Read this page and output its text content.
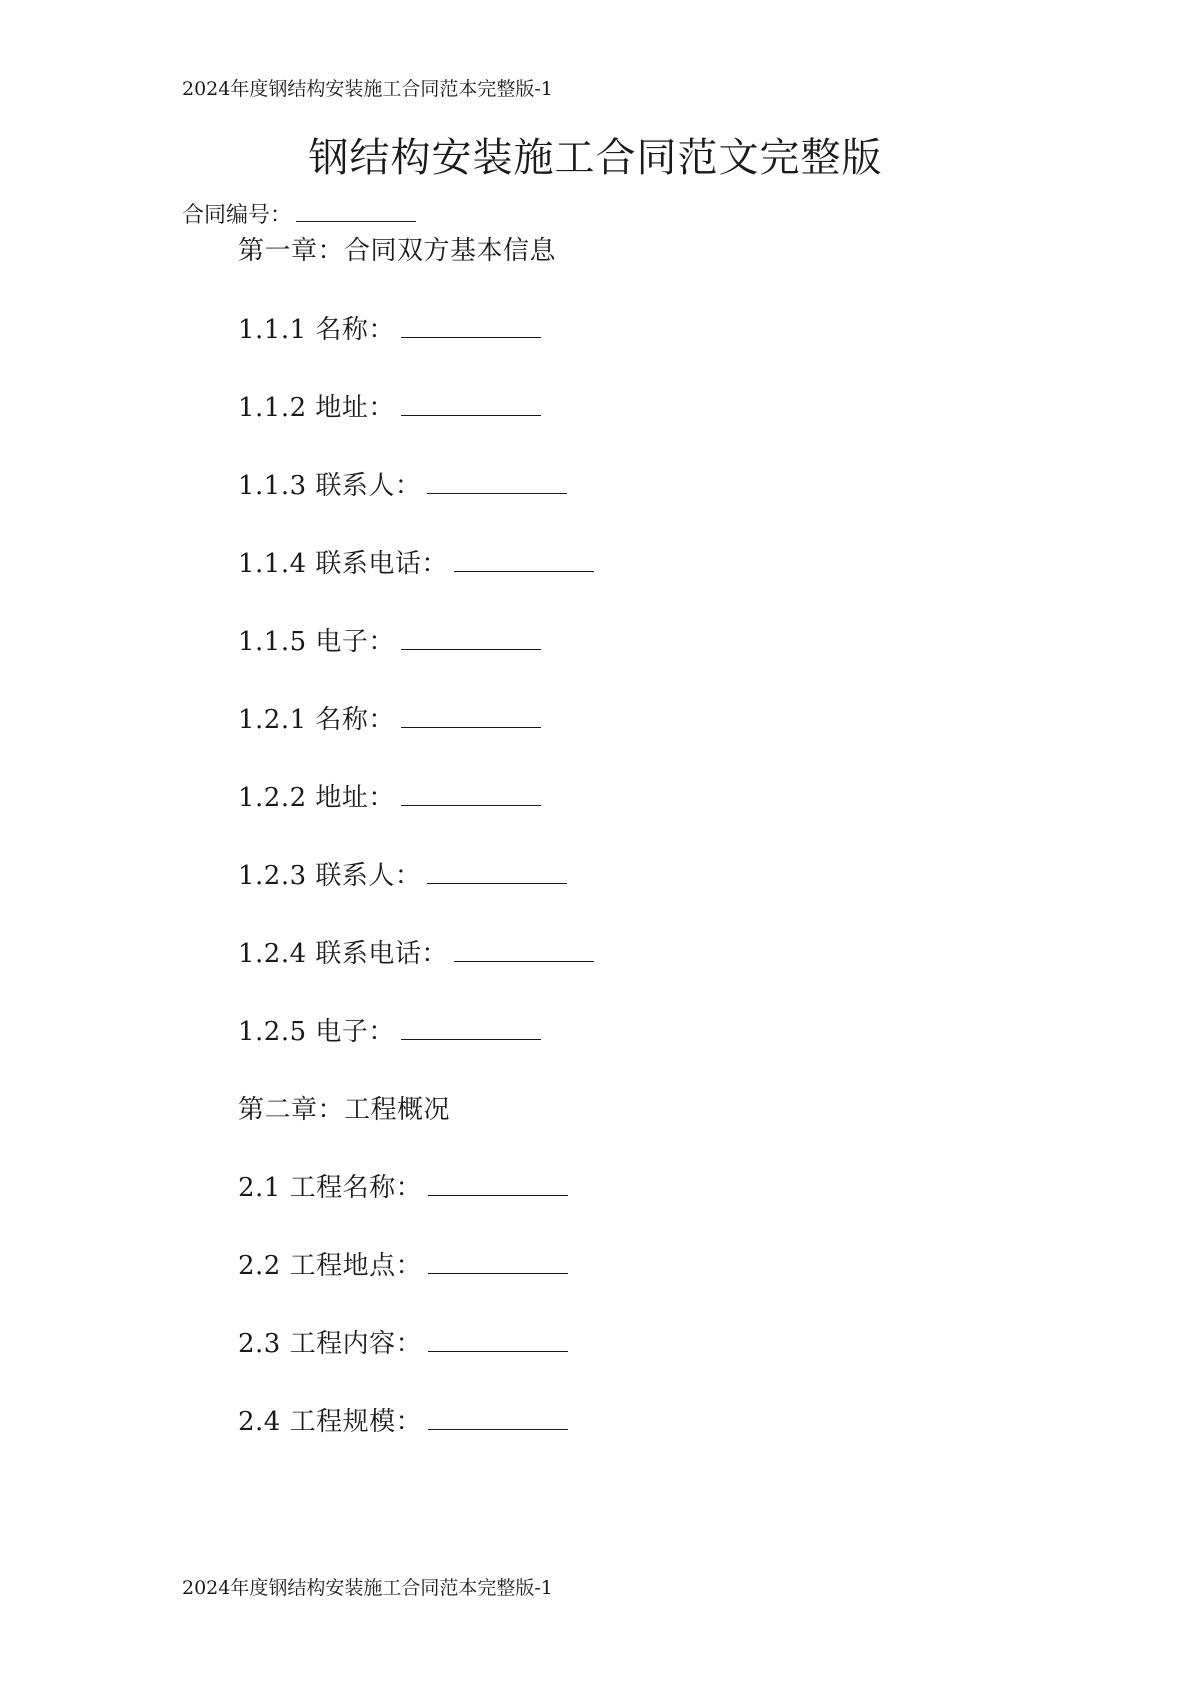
2024年度钢结构安装施工合同范本完整版-1
钢结构安装施工合同范文完整版
合同编号：
第一章：合同双方基本信息
1.1.1 名称：
1.1.2 地址：
1.1.3 联系人：
1.1.4 联系电话：
1.1.5 电子：
1.2.1 名称：
1.2.2 地址：
1.2.3 联系人：
1.2.4 联系电话：
1.2.5 电子：
第二章：工程概况
2.1 工程名称：
2.2 工程地点：
2.3 工程内容：
2.4 工程规模：
2024年度钢结构安装施工合同范本完整版-1
